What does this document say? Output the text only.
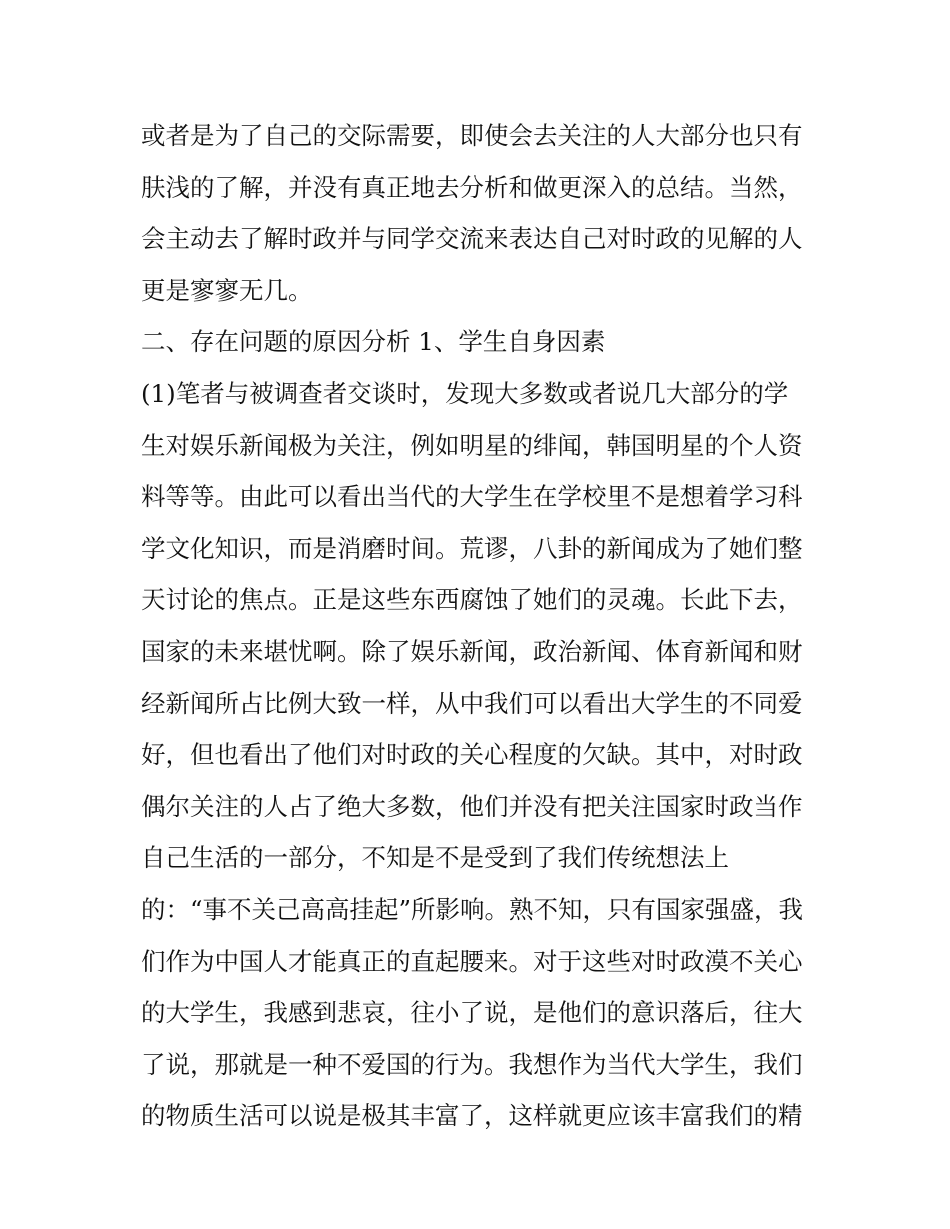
或者是为了自己的交际需要，即使会去关注的人大部分也只有
肤浅的了解，并没有真正地去分析和做更深入的总结。当然，
会主动去了解时政并与同学交流来表达自己对时政的见解的人
更是寥寥无几。
二、存在问题的原因分析 1、学生自身因素
(1)笔者与被调查者交谈时，发现大多数或者说几大部分的学
生对娱乐新闻极为关注，例如明星的绯闻，韩国明星的个人资
料等等。由此可以看出当代的大学生在学校里不是想着学习科
学文化知识，而是消磨时间。荒谬，八卦的新闻成为了她们整
天讨论的焦点。正是这些东西腐蚀了她们的灵魂。长此下去，
国家的未来堪忧啊。除了娱乐新闻，政治新闻、体育新闻和财
经新闻所占比例大致一样，从中我们可以看出大学生的不同爱
好，但也看出了他们对时政的关心程度的欠缺。其中，对时政
偶尔关注的人占了绝大多数，他们并没有把关注国家时政当作
自己生活的一部分，不知是不是受到了我们传统想法上
的：“事不关己高高挂起”所影响。熟不知，只有国家强盛，我
们作为中国人才能真正的直起腰来。对于这些对时政漠不关心
的大学生，我感到悲哀，往小了说，是他们的意识落后，往大
了说，那就是一种不爱国的行为。我想作为当代大学生，我们
的物质生活可以说是极其丰富了，这样就更应该丰富我们的精
